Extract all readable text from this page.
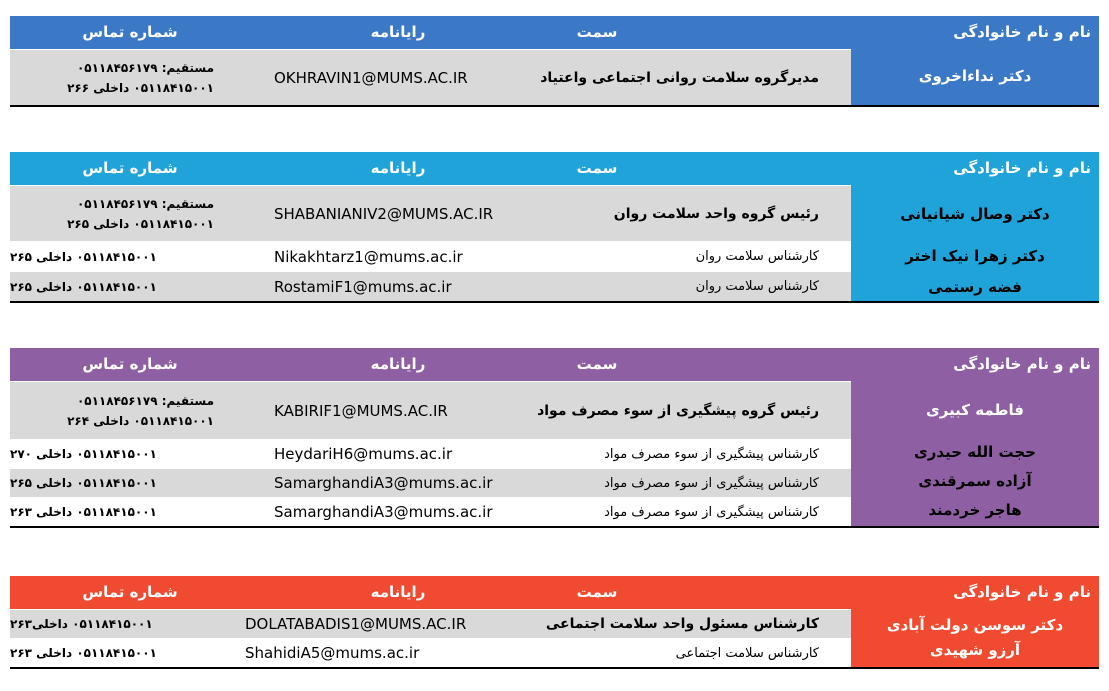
نام و نام خانوادگی
سمت
رایانامه
شماره تماس
دکتر نداءاخروی
مدیرگروه سلامت روانی اجتماعی واعتیاد
OKHRAVIN1@MUMS.AC.IR
مستقیم: ۰۵۱۱۸۴۵۶۱۷۹
۰۵۱۱۸۴۱۵۰۰۱ داخلی ۲۶۶
نام و نام خانوادگی
سمت
رایانامه
شماره تماس
دکتر وصال شیانیانی
دکتر زهرا نیک اختر
فضه رستمی
رئیس گروه واحد سلامت روان
SHABANIANIV2@MUMS.AC.IR
مستقیم: ۰۵۱۱۸۴۵۶۱۷۹
۰۵۱۱۸۴۱۵۰۰۱ داخلی ۲۶۵
کارشناس سلامت روان
Nikakhtarz1@mums.ac.ir
۰۵۱۱۸۴۱۵۰۰۱ داخلی ۲۶۵
کارشناس سلامت روان
RostamiF1@mums.ac.ir
۰۵۱۱۸۴۱۵۰۰۱ داخلی ۲۶۵
نام و نام خانوادگی
سمت
رایانامه
شماره تماس
فاطمه کبیری
حجت الله حیدری
آزاده سمرقندی
هاجر خردمند
رئیس گروه پیشگیری از سوء مصرف مواد
KABIRIF1@MUMS.AC.IR
مستقیم: ۰۵۱۱۸۴۵۶۱۷۹
۰۵۱۱۸۴۱۵۰۰۱ داخلی ۲۶۴
کارشناس پیشگیری از سوء مصرف مواد
HeydariH6@mums.ac.ir
۰۵۱۱۸۴۱۵۰۰۱ داخلی ۲۷۰
کارشناس پیشگیری از سوء مصرف مواد
SamarghandiA3@mums.ac.ir
۰۵۱۱۸۴۱۵۰۰۱ داخلی ۲۶۵
کارشناس پیشگیری از سوء مصرف مواد
SamarghandiA3@mums.ac.ir
۰۵۱۱۸۴۱۵۰۰۱ داخلی ۲۶۳
نام و نام خانوادگی
سمت
رایانامه
شماره تماس
دکتر سوسن دولت آبادی
آرزو شهیدی
کارشناس مسئول واحد سلامت اجتماعی
DOLATABADIS1@MUMS.AC.IR
۰۵۱۱۸۴۱۵۰۰۱ داخلی۲۶۳
کارشناس سلامت اجتماعی
ShahidiA5@mums.ac.ir
۰۵۱۱۸۴۱۵۰۰۱ داخلی ۲۶۳
